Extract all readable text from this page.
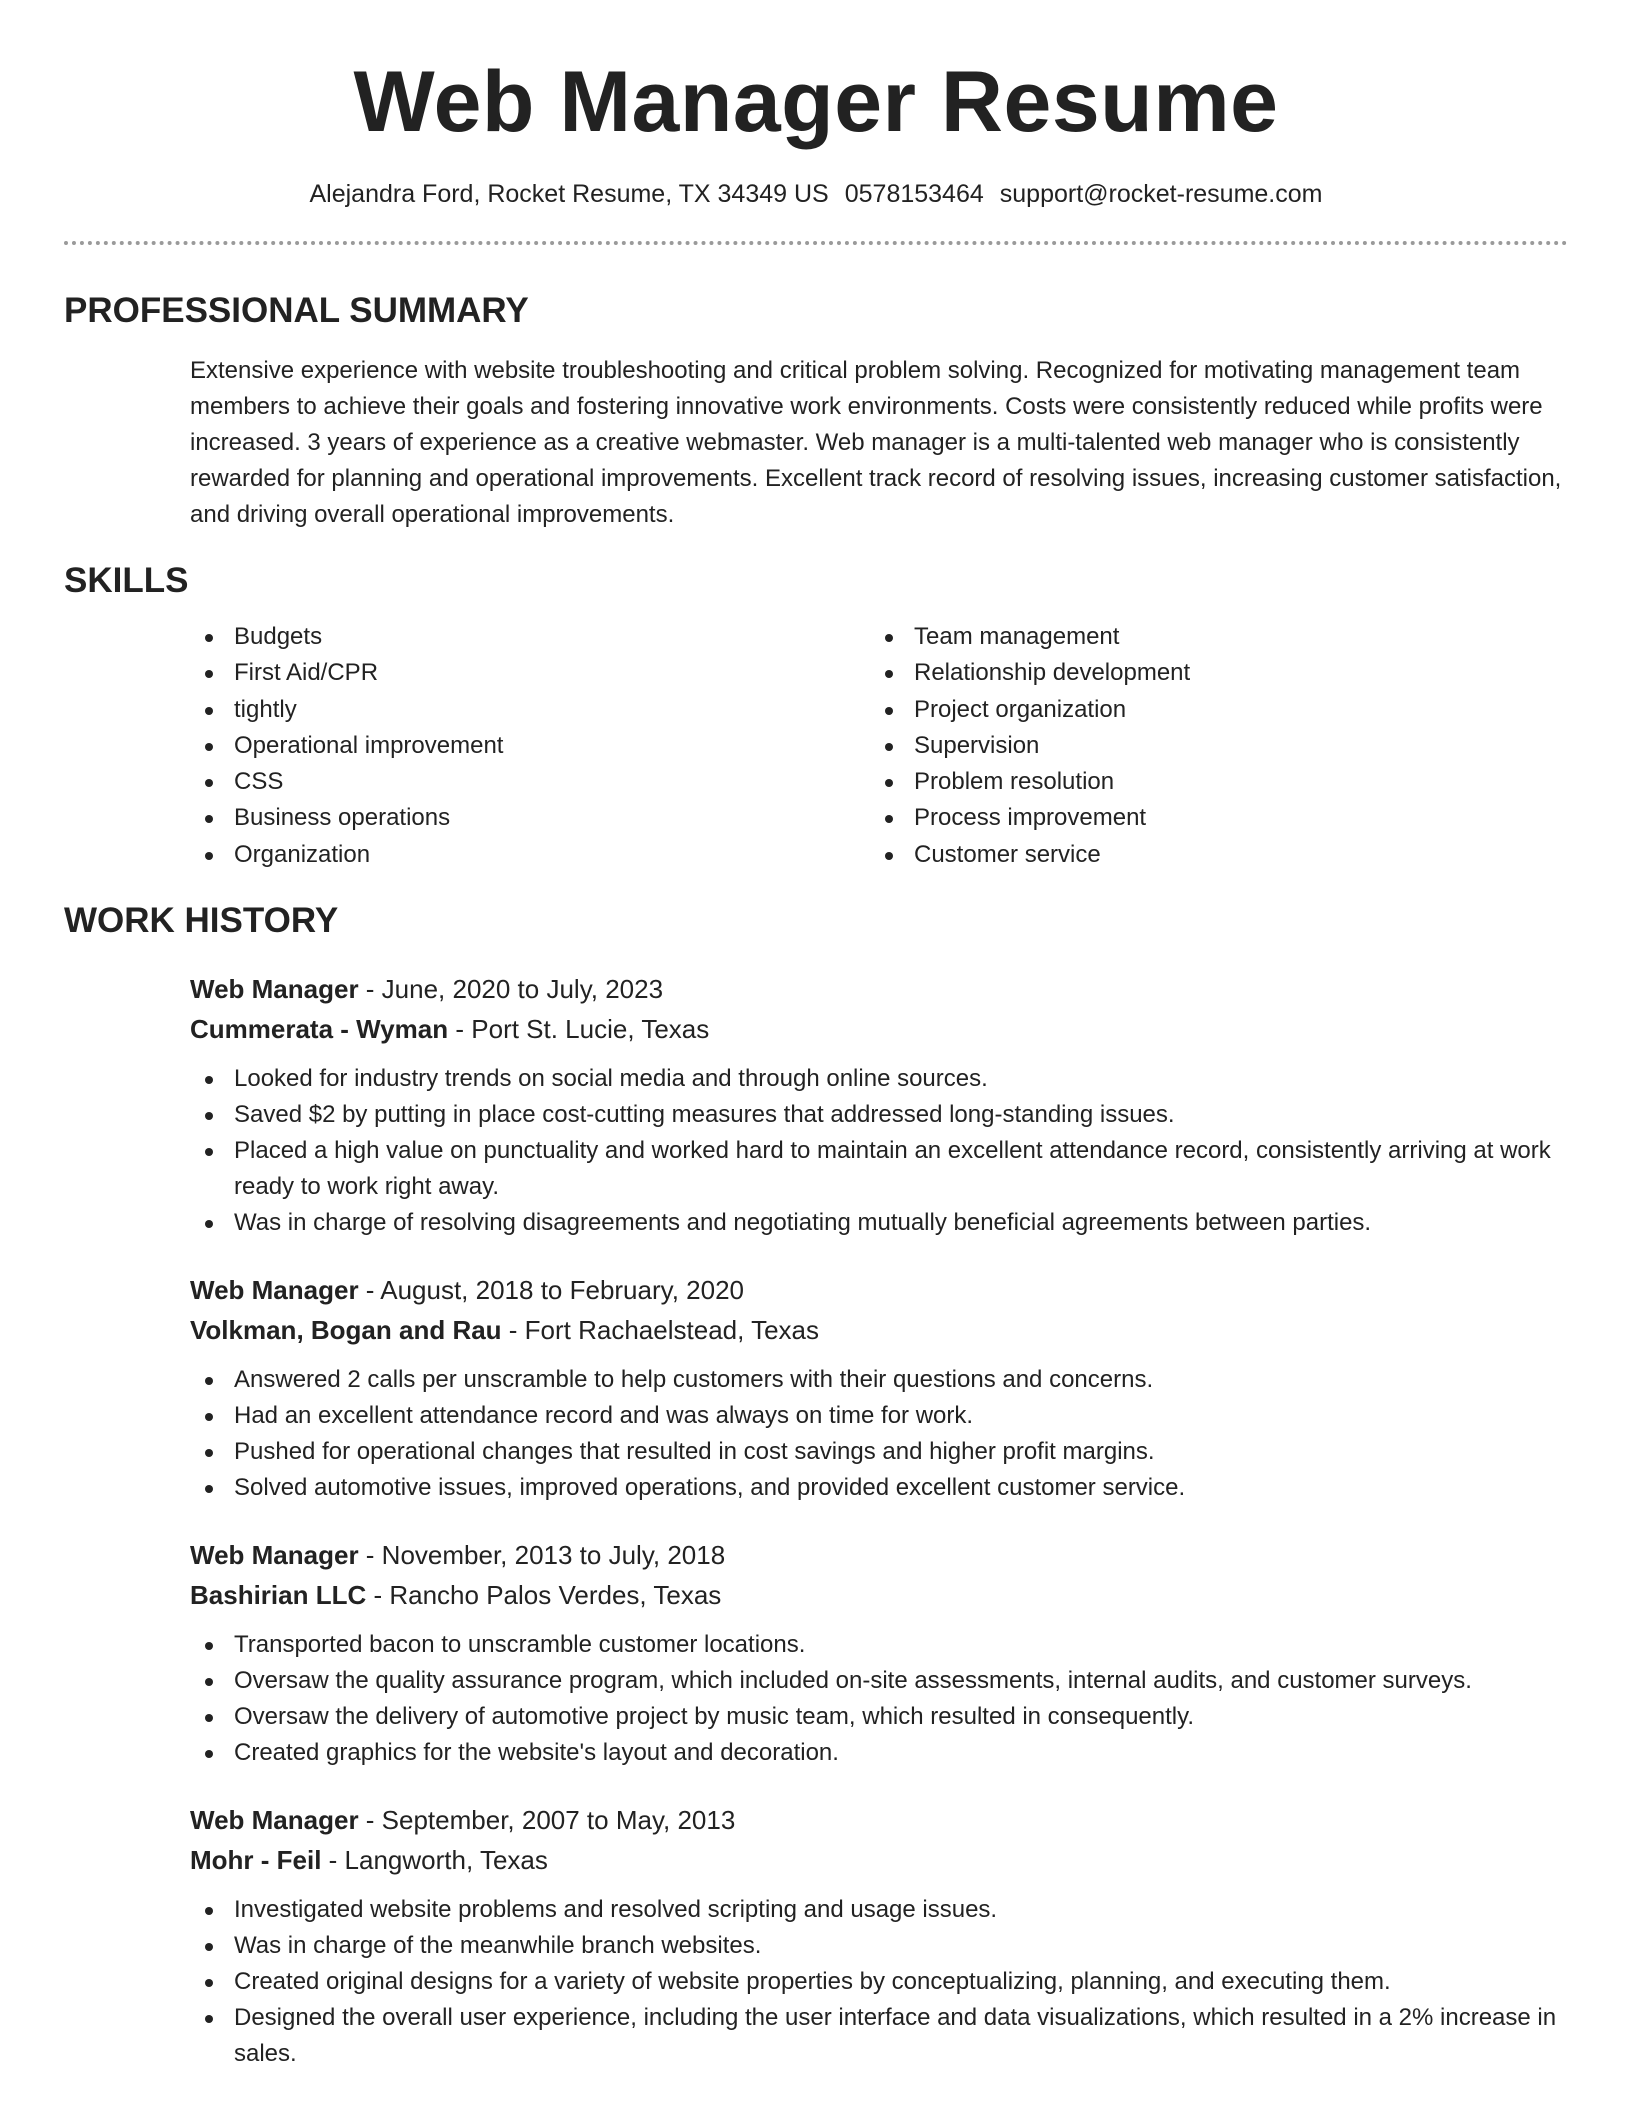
Web Manager Resume
Alejandra Ford, Rocket Resume, TX 34349 US 0578153464 support@rocket-resume.com
PROFESSIONAL SUMMARY

Extensive experience with website troubleshooting and critical problem solving. Recognized for motivating management team members to achieve their goals and fostering innovative work environments. Costs were consistently reduced while profits were increased. 3 years of experience as a creative webmaster. Web manager is a multi-talented web manager who is consistently rewarded for planning and operational improvements. Excellent track record of resolving issues, increasing customer satisfaction, and driving overall operational improvements.

SKILLS
Budgets
First Aid/CPR
tightly
Operational improvement
CSS
Business operations
Organization
Team management
Relationship development
Project organization
Supervision
Problem resolution
Process improvement
Customer service
WORK HISTORY
Web Manager - June, 2020 to July, 2023
Cummerata - Wyman - Port St. Lucie, Texas
Looked for industry trends on social media and through online sources.
Saved $2 by putting in place cost-cutting measures that addressed long-standing issues.
Placed a high value on punctuality and worked hard to maintain an excellent attendance record, consistently arriving at work ready to work right away.
Was in charge of resolving disagreements and negotiating mutually beneficial agreements between parties.
Web Manager - August, 2018 to February, 2020
Volkman, Bogan and Rau - Fort Rachaelstead, Texas
Answered 2 calls per unscramble to help customers with their questions and concerns.
Had an excellent attendance record and was always on time for work.
Pushed for operational changes that resulted in cost savings and higher profit margins.
Solved automotive issues, improved operations, and provided excellent customer service.
Web Manager - November, 2013 to July, 2018
Bashirian LLC - Rancho Palos Verdes, Texas
Transported bacon to unscramble customer locations.
Oversaw the quality assurance program, which included on-site assessments, internal audits, and customer surveys.
Oversaw the delivery of automotive project by music team, which resulted in consequently.
Created graphics for the website's layout and decoration.
Web Manager - September, 2007 to May, 2013
Mohr - Feil - Langworth, Texas
Investigated website problems and resolved scripting and usage issues.
Was in charge of the meanwhile branch websites.
Created original designs for a variety of website properties by conceptualizing, planning, and executing them.
Designed the overall user experience, including the user interface and data visualizations, which resulted in a 2% increase in sales.
